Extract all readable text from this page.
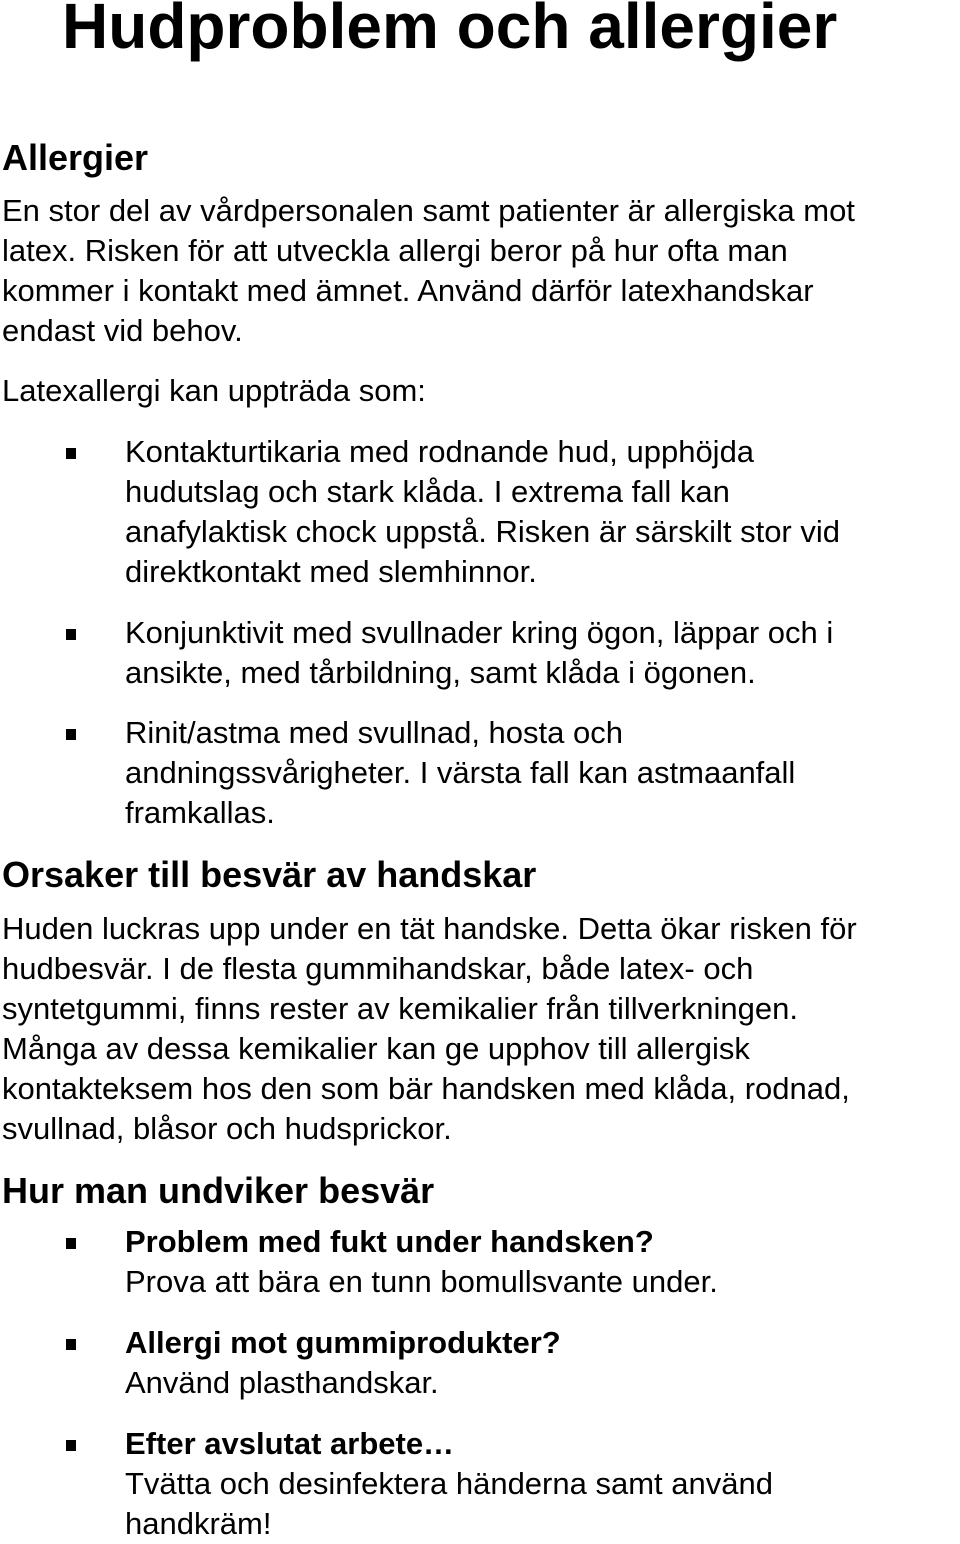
Hudproblem och allergier
Allergier

En stor del av vårdpersonalen samt patienter är allergiska mot
latex. Risken för att utveckla allergi beror på hur ofta man
kommer i kontakt med ämnet. Använd därför latexhandskar
endast vid behov.

Latexallergi kan uppträda som:

Kontakturtikaria med rodnande hud, upphöjda
hudutslag och stark klåda. I extrema fall kan
anafylaktisk chock uppstå. Risken är särskilt stor vid
direktkontakt med slemhinnor.

Konjunktivit med svullnader kring ögon, läppar och i
ansikte, med tårbildning, samt klåda i ögonen.

Rinit/astma med svullnad, hosta och
andningssvårigheter. I värsta fall kan astmaanfall
framkallas.

Orsaker till besvär av handskar

Huden luckras upp under en tät handske. Detta ökar risken för
hudbesvär. I de flesta gummihandskar, både latex- och
syntetgummi, finns rester av kemikalier från tillverkningen.
Många av dessa kemikalier kan ge upphov till allergisk
kontakteksem hos den som bär handsken med klåda, rodnad,
svullnad, blåsor och hudsprickor.

Hur man undviker besvär

Problem med fukt under handsken?
Prova att bära en tunn bomullsvante under.

Allergi mot gummiprodukter?
Använd plasthandskar.

Efter avslutat arbete…
Tvätta och desinfektera händerna samt använd
handkräm!
